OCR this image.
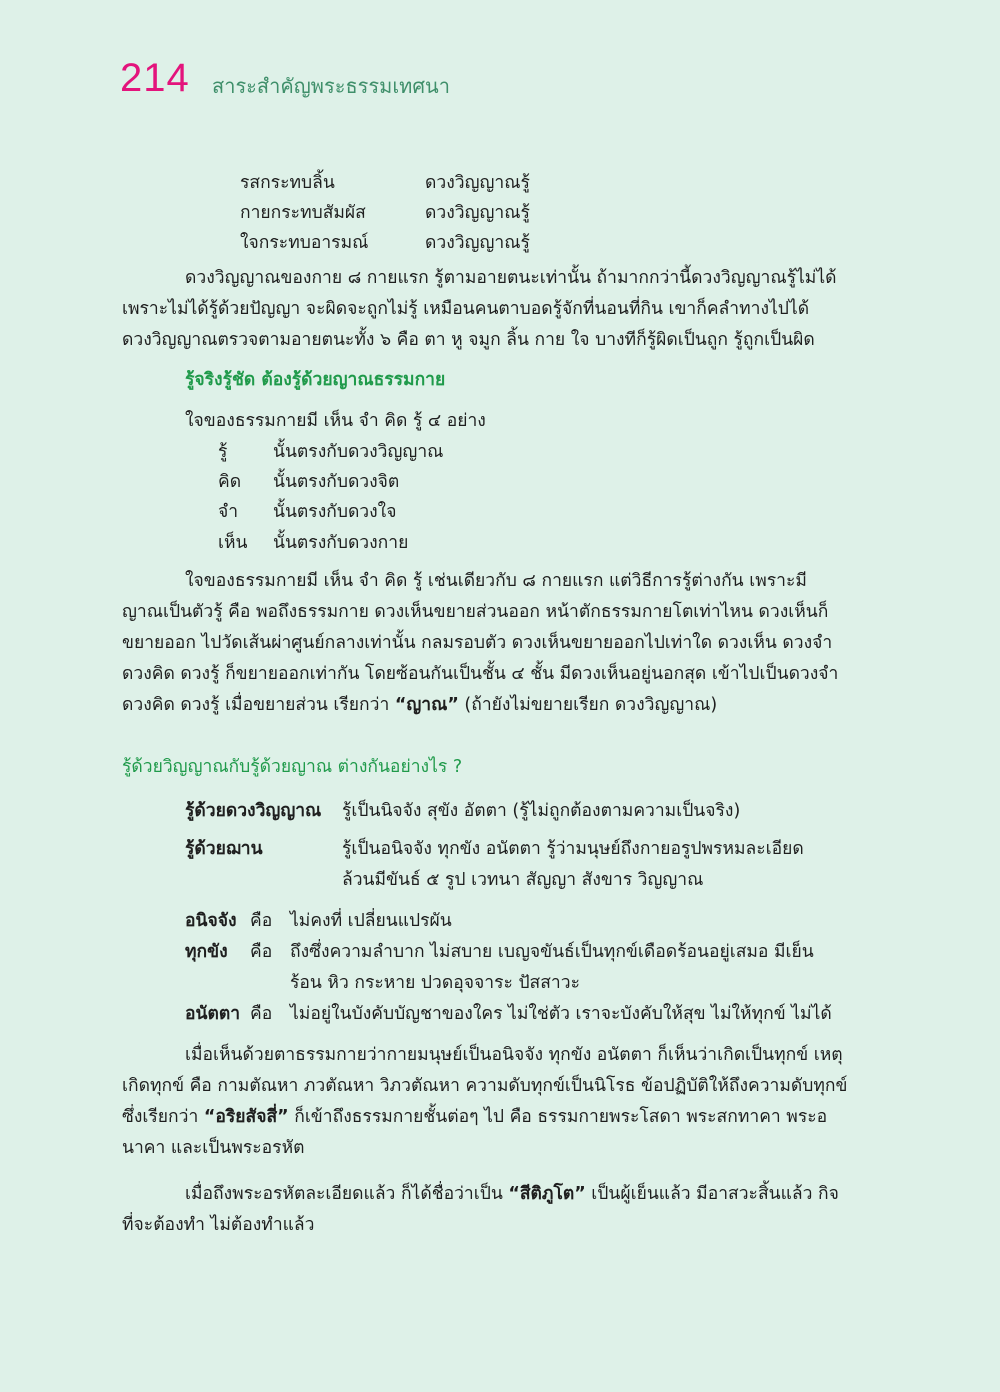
214 สาระสำคัญพระธรรมเทศนา
รสกระทบลิ้น	ดวงวิญญาณรู้
กายกระทบสัมผัส	ดวงวิญญาณรู้
ใจกระทบอารมณ์	ดวงวิญญาณรู้
ดวงวิญญาณของกาย ๘ กายแรก รู้ตามอายตนะเท่านั้น ถ้ามากกว่านี้ดวงวิญญาณรู้ไม่ได้
เพราะไม่ได้รู้ด้วยปัญญา จะผิดจะถูกไม่รู้ เหมือนคนตาบอดรู้จักที่นอนที่กิน เขาก็คลำทางไปได้
ดวงวิญญาณตรวจตามอายตนะทั้ง ๖ คือ ตา หู จมูก ลิ้น กาย ใจ บางทีก็รู้ผิดเป็นถูก รู้ถูกเป็นผิด
รู้จริงรู้ชัด ต้องรู้ด้วยญาณธรรมกาย
ใจของธรรมกายมี เห็น จำ คิด รู้ ๔ อย่าง
รู้	นั้นตรงกับดวงวิญญาณ
คิด นั้นตรงกับดวงจิต
จำ นั้นตรงกับดวงใจ
เห็น นั้นตรงกับดวงกาย
ใจของธรรมกายมี เห็น จำ คิด รู้ เช่นเดียวกับ ๘ กายแรก แต่วิธีการรู้ต่างกัน เพราะมี
ญาณเป็นตัวรู้ คือ พอถึงธรรมกาย ดวงเห็นขยายส่วนออก หน้าตักธรรมกายโตเท่าไหน ดวงเห็นก็
ขยายออก ไปวัดเส้นผ่าศูนย์กลางเท่านั้น กลมรอบตัว ดวงเห็นขยายออกไปเท่าใด ดวงเห็น ดวงจำ
ดวงคิด ดวงรู้ ก็ขยายออกเท่ากัน โดยซ้อนกันเป็นชั้น ๔ ชั้น มีดวงเห็นอยู่นอกสุด เข้าไปเป็นดวงจำ
ดวงคิด ดวงรู้ เมื่อขยายส่วน เรียกว่า “ญาณ” (ถ้ายังไม่ขยายเรียก ดวงวิญญาณ)
รู้ด้วยวิญญาณกับรู้ด้วยญาณ ต่างกันอย่างไร ?
รู้ด้วยดวงวิญญาณ รู้เป็นนิจจัง สุขัง อัตตา (รู้ไม่ถูกต้องตามความเป็นจริง)
รู้ด้วยฌาน	รู้เป็นอนิจจัง ทุกขัง อนัตตา รู้ว่ามนุษย์ถึงกายอรูปพรหมละเอียด
ล้วนมีขันธ์ ๕ รูป เวทนา สัญญา สังขาร วิญญาณ
อนิจจัง คือ ไม่คงที่ เปลี่ยนแปรผัน
ทุกขัง คือ ถึงซึ่งความลำบาก ไม่สบาย เบญจขันธ์เป็นทุกข์เดือดร้อนอยู่เสมอ มีเย็น
ร้อน หิว กระหาย ปวดอุจจาระ ปัสสาวะ
อนัตตา คือ ไม่อยู่ในบังคับบัญชาของใคร ไม่ใช่ตัว เราจะบังคับให้สุข ไม่ให้ทุกข์ ไม่ได้
เมื่อเห็นด้วยตาธรรมกายว่ากายมนุษย์เป็นอนิจจัง ทุกขัง อนัตตา ก็เห็นว่าเกิดเป็นทุกข์ เหตุ
เกิดทุกข์ คือ กามตัณหา ภวตัณหา วิภวตัณหา ความดับทุกข์เป็นนิโรธ ข้อปฏิบัติให้ถึงความดับทุกข์
ซึ่งเรียกว่า “อริยสัจสี่” ก็เข้าถึงธรรมกายชั้นต่อๆ ไป คือ ธรรมกายพระโสดา พระสกทาคา พระอ
นาคา และเป็นพระอรหัต
เมื่อถึงพระอรหัตละเอียดแล้ว ก็ได้ชื่อว่าเป็น “สีติภูโต” เป็นผู้เย็นแล้ว มีอาสวะสิ้นแล้ว กิจ
ที่จะต้องทำ ไม่ต้องทำแล้ว
